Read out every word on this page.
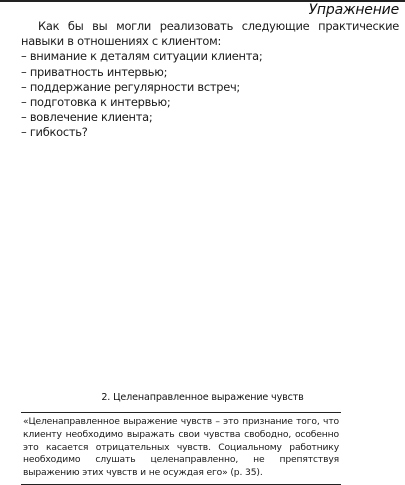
Упражнение

Как бы вы могли реализовать следующие практические навыки в отношениях с клиентом:

– внимание к деталям ситуации клиента;
– приватность интервью;
– поддержание регулярности встреч;
– подготовка к интервью;
– вовлечение клиента;
– гибкость?
2. Целенаправленное выражение чувств
«Целенаправленное выражение чувств – это признание того, что клиенту необходимо выражать свои чувства свободно, особенно это касается отрицательных чувств. Социальному работнику необходимо слушать целенаправленно, не препятствуя выражению этих чувств и не осуждая его» (р. 35).
